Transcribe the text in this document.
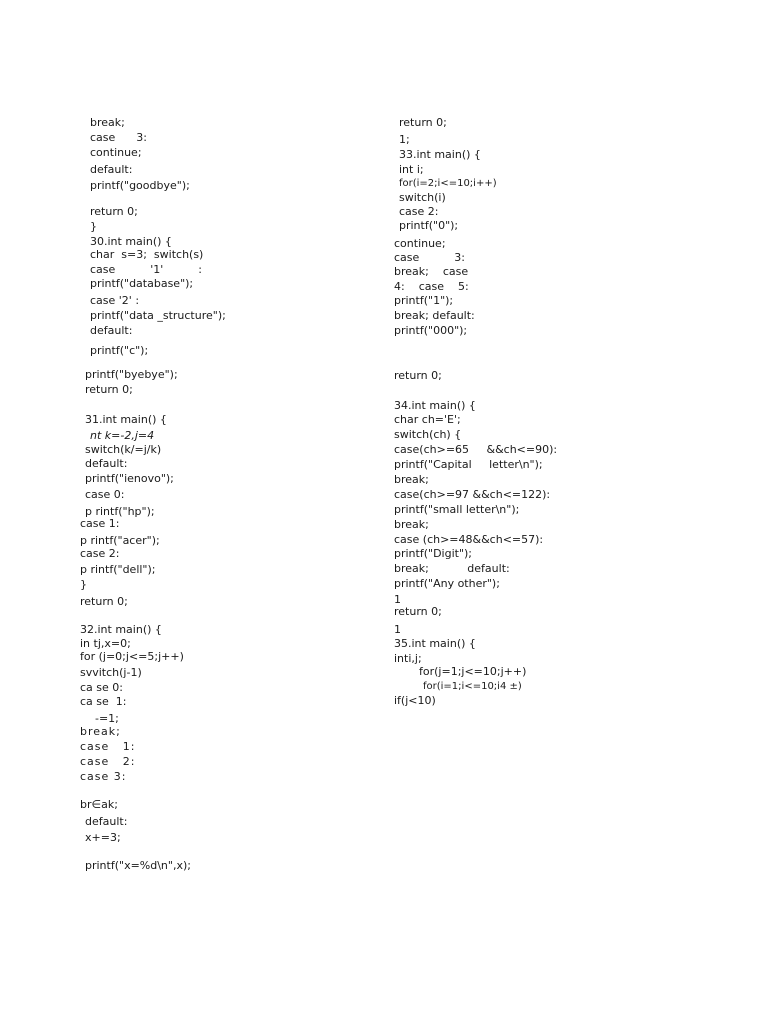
break;
case      3:
continue;
default:
printf("goodbye");
return 0;
}
30.int main() {
char  s=3;  switch(s)
case          '1'          :
printf("database");
case '2' :
printf("data _structure");
default:
printf("c");
printf("byebye");
return 0;
31.int main() {
nt k=-2,j=4
switch(k/=j/k)
default:
printf("ienovo");
case 0:
p rintf("hp");
case 1:
p rintf("acer");
case 2:
p rintf("dell");
}
return 0;
32.int main() {
in tj,x=0;
for (j=0;j<=5;j++)
svvitch(j-1)
ca se 0:
ca se  1:
-=1;
break;
case   1:
case   2:
case 3:
br∈ak;
default:
x+=3;
printf("x=%d\n",x);
return 0;
1;
33.int main() {
int i;
for(i=2;i<=10;i++)
switch(i)
case 2:
printf("0");
continue;
case          3:
break;    case
4:    case    5:
printf("1");
break; default:
printf("000");
return 0;
34.int main() {
char ch='E';
switch(ch) {
case(ch>=65     &&ch<=90):
printf("Capital     letter\n");
break;
case(ch>=97 &&ch<=122):
printf("small letter\n");
break;
case (ch>=48&&ch<=57):
printf("Digit");
break;           default:
printf("Any other");
1
return 0;
1
35.int main() {
inti,j;
for(j=1;j<=10;j++)
for(i=1;i<=10;i4 ±)
if(j<10)
